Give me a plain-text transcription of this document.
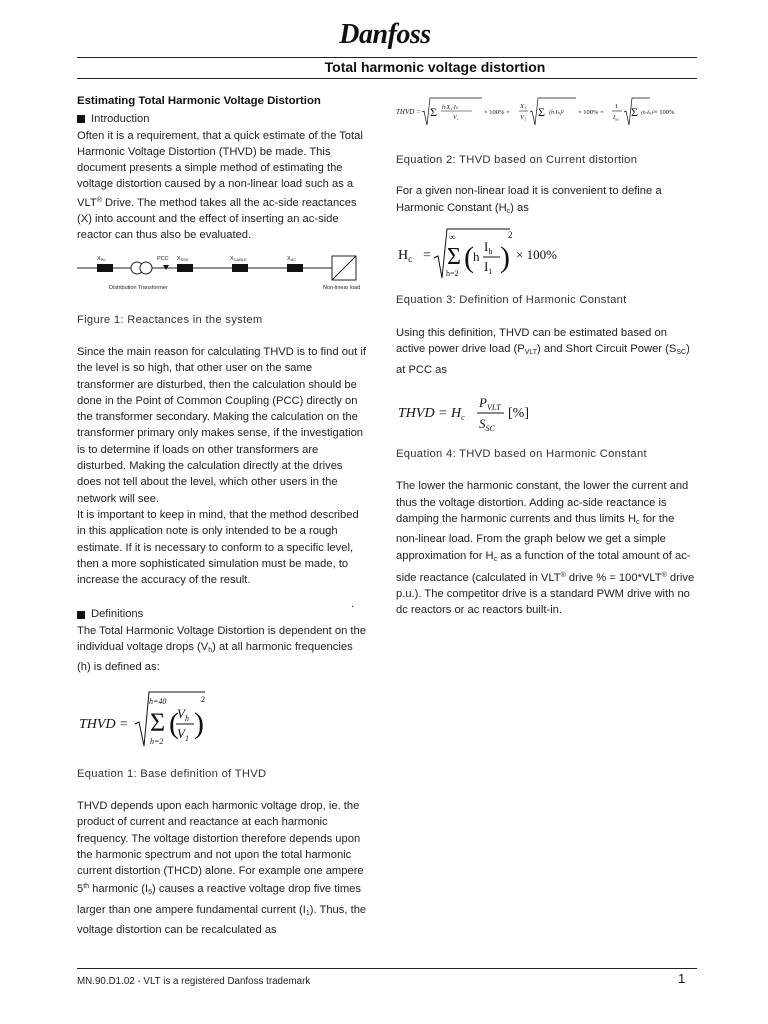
Danfoss
Total harmonic voltage distortion
Estimating Total Harmonic Voltage Distortion
Introduction

Often it is a requirement, that a quick estimate of the Total Harmonic Voltage Distortion (THVD) be made. This document presents a simple method of estimating the voltage distortion caused by a non-linear load such as a VLT® Drive. The method takes all the ac-side reactances (X) into account and the effect of inserting an ac-side reactor can thus also be evaluated.

XPri	PCC XSEK	XCABLE	XAC
Distribution Transformer	Non-linear load

Figure 1: Reactances in the system

Since the main reason for calculating THVD is to find out if the level is so high, that other user on the same transformer are disturbed, then the calculation should be done in the Point of Common Coupling (PCC) directly on the transformer secondary. Making the calculation on the transformer primary only makes sense, if the investigation is to determine if loads on other transformers are disturbed. Making the calculation directly at the drives does not tell about the level, which other users in the network will see.

It is important to keep in mind, that the method described in this application note is only intended to be a rough estimate. If it is necessary to conform to a specific level, then a more sophisticated simulation must be made, to increase the accuracy of the result.

Definitions

The Total Harmonic Voltage Distortion is dependent on the individual voltage drops $(V_h)$ at all harmonic frequencies (h) is defined as:

THVD =
h=40
Σ
h=2
(
$V_h$
$V_1$ )
2

Equation 1: Base definition of THVD

THVD depends upon each harmonic voltage drop, ie. the product of current and reactance at each harmonic frequency. The voltage distortion therefore depends upon the harmonic spectrum and not upon the total harmonic current distortion (THCD) alone. For example one ampere 5th harmonic $(I_5)$ causes a reactive voltage drop five times larger than one ampere fundamental current $(I_1)$. Thus, the voltage distortion can be recalculated as

.
THVD = Σ h·X₁·Iₕ
V₁
× 100% =
$X_1$
$V_1$ Σ (h·Iₕ)² × 100% =
1
$I_{sc}$ Σ (h·Iₕ)² × 100%

Equation 2: THVD based on Current distortion

For a given non-linear load it is convenient to define a Harmonic Constant $(H_c)$ as

$H_c$ =
∞
Σ
h=2 ( h
$I_h$
$I_1$ )
2
× 100%

Equation 3: Definition of Harmonic Constant

Using this definition, THVD can be estimated based on active power drive load $(P_{VLT})$ and Short Circuit Power $(S_{SC})$ at PCC as

THVD = $H_c$
$P_{VLT}$
$S_{SC}$
[%]

Equation 4: THVD based on Harmonic Constant

The lower the harmonic constant, the lower the current and thus the voltage distortion. Adding ac-side reactance is damping the harmonic currents and thus limits $H_c$ for the non-linear load. From the graph below we get a simple approximation for $H_c$ as a function of the total amount of ac-side reactance (calculated in VLT® drive % = 100*VLT® drive p.u.). The competitor drive is a standard PWM drive with no dc reactors or ac reactors built-in.

MN.90.D1.02 - VLT is a registered Danfoss trademark	1
